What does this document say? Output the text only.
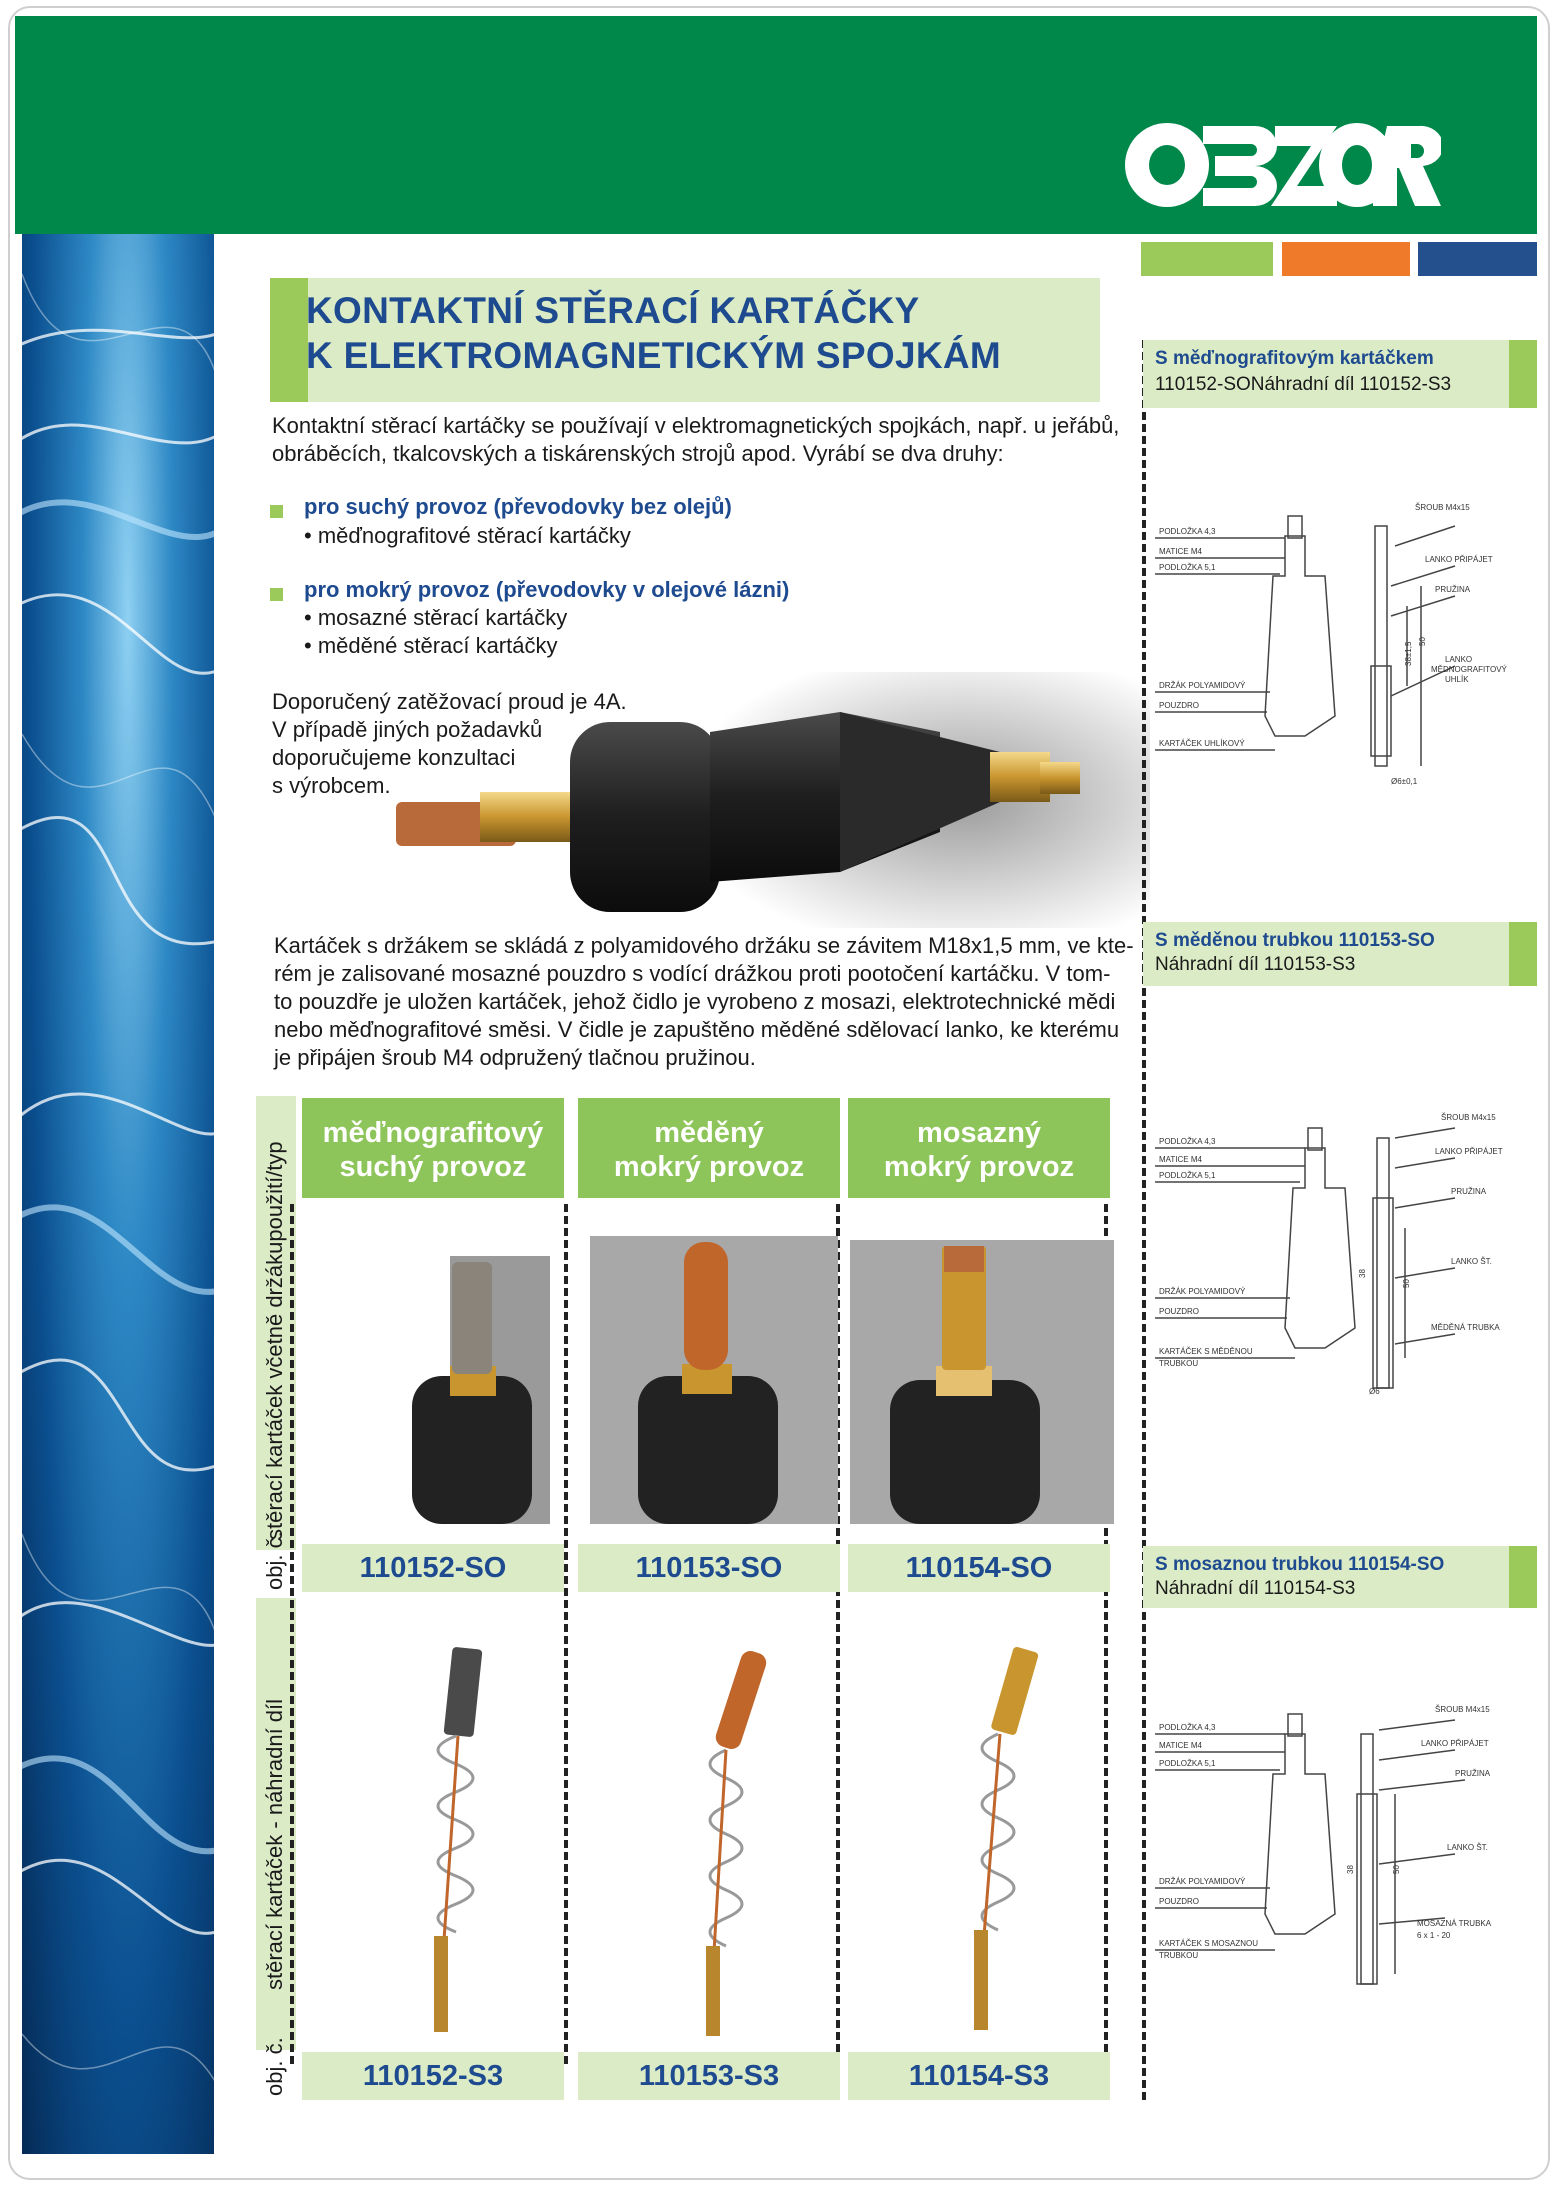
KONTAKTNÍ STĚRACÍ KARTÁČKY
K ELEKTROMAGNETICKÝM SPOJKÁM
Kontaktní stěrací kartáčky se používají v elektromagnetických spojkách, např. u jeřábů,
obráběcích, tkalcovských a tiskárenských strojů apod. Vyrábí se dva druhy:
pro suchý provoz (převodovky bez olejů)
• měďnografitové stěrací kartáčky
pro mokrý provoz (převodovky v olejové lázni)
• mosazné stěrací kartáčky
• měděné stěrací kartáčky
Doporučený zatěžovací proud je 4A.
V případě jiných požadavků
doporučujeme konzultaci
s výrobcem.
Kartáček s držákem se skládá z polyamidového držáku se závitem M18x1,5 mm, ve kte-
rém je zalisované mosazné pouzdro s vodící drážkou proti pootočení kartáčku. V tom-
to pouzdře je uložen kartáček, jehož čidlo je vyrobeno z mosazi, elektrotechnické mědi
nebo měďnografitové směsi. V čidle je zapuštěno měděné sdělovací lanko, ke kterému
je připájen šroub M4 odpružený tlačnou pružinou.
stěrací kartáček včetně držákupoužití/typ
obj. č.
stěrací kartáček - náhradní díl
obj. č.
měďnografitový
suchý provoz
měděný
mokrý provoz
mosazný
mokrý provoz
110152-SO	110153-SO	110154-SO
110152-S3	110153-S3	110154-S3
S měďnografitovým kartáčkem
110152-SONáhradní díl 110152-S3
S měděnou trubkou 110153-SO
Náhradní díl 110153-S3
S mosaznou trubkou 110154-SO
Náhradní díl 110154-S3
ŠROUB M4x15
LANKO PŘIPÁJET
PRUŽINA
LANKO
MĚDNOGRAFITOVÝ
UHLÍK
PODLOŽKA 4,3
MATICE M4
PODLOŽKA 5,1
DRŽÁK POLYAMIDOVÝ
POUZDRO
KARTÁČEK UHLÍKOVÝ
50
38±1,5
Ø6±0,1
ŠROUB M4x15
LANKO PŘIPÁJET
PRUŽINA
LANKO ŠT.
MĚDĚNÁ TRUBKA
PODLOŽKA 4,3
MATICE M4
PODLOŽKA 5,1
DRŽÁK POLYAMIDOVÝ
POUZDRO
KARTÁČEK S MĚDĚNOU
TRUBKOU
50
38
Ø6
ŠROUB M4x15
LANKO PŘIPÁJET
PRUŽINA
LANKO ŠT.
MOSAZNÁ TRUBKA
6 x 1 - 20
PODLOŽKA 4,3
MATICE M4
PODLOŽKA 5,1
DRŽÁK POLYAMIDOVÝ
POUZDRO
KARTÁČEK S MOSAZNOU
TRUBKOU
50
38
